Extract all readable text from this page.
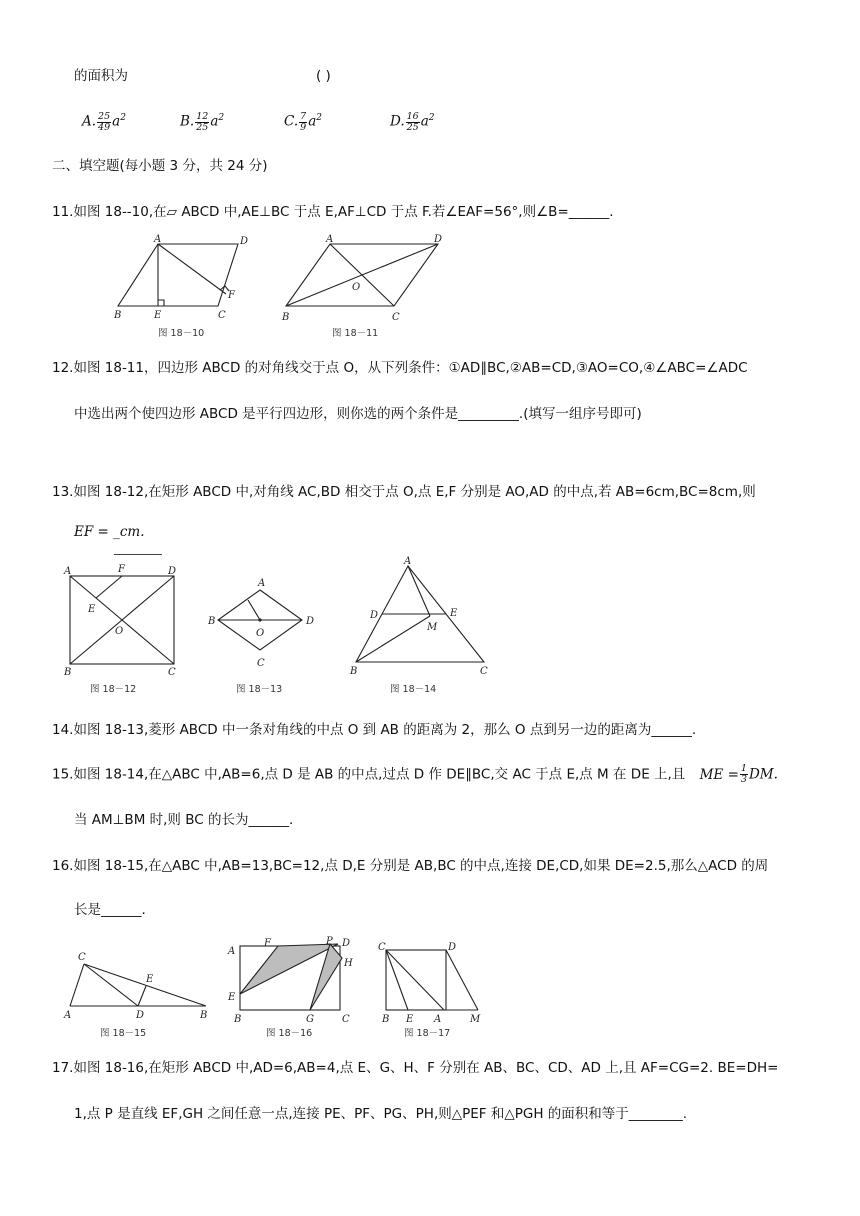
的面积为	( )
A. $\frac{25}{49} a^2$	B. $\frac{12}{25} a^2$	C. $\frac{7}{9} a^2$	D. $\frac{16}{25} a^2$
二、填空题(每小题 3 分，共 24 分)
11.如图 18--10,在▱ ABCD 中,AE⊥BC 于点 E,AF⊥CD 于点 F.若∠EAF=56°,则∠B=______.
A	D
B	E	C
F
图 18－10
A	D
B	C
O
图 18－11
12.如图 18-11，四边形 ABCD 的对角线交于点 O，从下列条件：①AD∥BC,②AB=CD,③AO=CO,④∠ABC=∠ADC
中选出两个使四边形 ABCD 是平行四边形，则你选的两个条件是_________.(填写一组序号即可)
13.如图 18-12,在矩形 ABCD 中,对角线 AC,BD 相交于点 O,点 E,F 分别是 AO,AD 的中点,若 AB=6cm,BC=8cm,则
EF = _cm.
A	F	D
E
O
B	C
图 18－12
A
B	D
C
O
图 18－13
A
D	E
M
B	C
图 18－14
14.如图 18-13,菱形 ABCD 中一条对角线的中点 O 到 AB 的距离为 2，那么 O 点到另一边的距离为______.
15.如图 18-14,在△ABC 中,AB=6,点 D 是 AB 的中点,过点 D 作 DE∥BC,交 AC 于点 E,点 M 在 DE 上,且 ME = $\frac{1}{3}$ DM.
当 AM⊥BM 时,则 BC 的长为______.
16.如图 18-15,在△ABC 中,AB=13,BC=12,点 D,E 分别是 AB,BC 的中点,连接 DE,CD,如果 DE=2.5,那么△ACD 的周
长是______.
C
E
A	D	B
图 18－15
A
F	P D
H
E
B	G	C
图 18－16
C	D
B E A	M
图 18－17
17.如图 18-16,在矩形 ABCD 中,AD=6,AB=4,点 E、G、H、F 分别在 AB、BC、CD、AD 上,且 AF=CG=2. BE=DH=
1,点 P 是直线 EF,GH 之间任意一点,连接 PE、PF、PG、PH,则△PEF 和△PGH 的面积和等于________.
